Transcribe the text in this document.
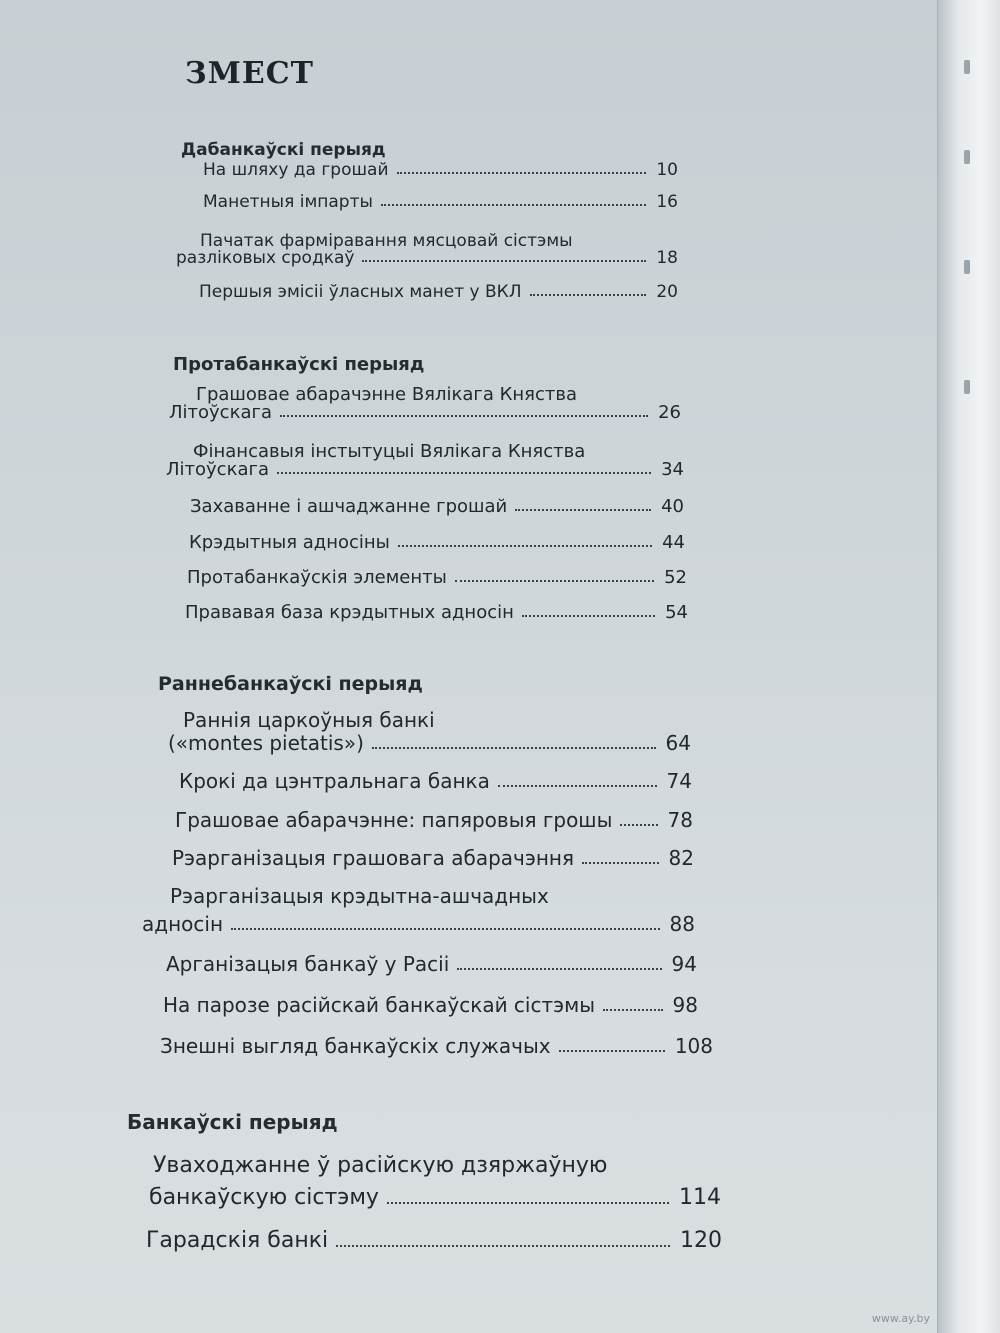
ЗМЕСТ
Дабанкаўскі перыяд
На шляху да грошай	10
Манетныя імпарты	16
Пачатак фарміравання мясцовай сістэмы
разліковых сродкаў	18
Першыя эмісіі ўласных манет у ВКЛ	20
Протабанкаўскі перыяд
Грашовае абарачэнне Вялікага Княства
Літоўскага	26
Фінансавыя інстытуцыі Вялікага Княства
Літоўскага	34
Захаванне і ашчаджанне грошай	40
Крэдытныя адносіны	44
Протабанкаўскія элементы	52
Прававая база крэдытных адносін	54
Раннебанкаўскі перыяд
Раннія царкоўныя банкі
(«montes pietatis»)	64
Крокі да цэнтральнага банка	74
Грашовае абарачэнне: папяровыя грошы	78
Рэарганізацыя грашовага абарачэння	82
Рэарганізацыя крэдытна-ашчадных
адносін	88
Арганізацыя банкаў у Расіі	94
На парозе расійскай банкаўскай сістэмы	98
Знешні выгляд банкаўскіх служачых	108
Банкаўскі перыяд
Уваходжанне ў расійскую дзяржаўную
банкаўскую сістэму	114
Гарадскія банкі	120
www.ay.by
